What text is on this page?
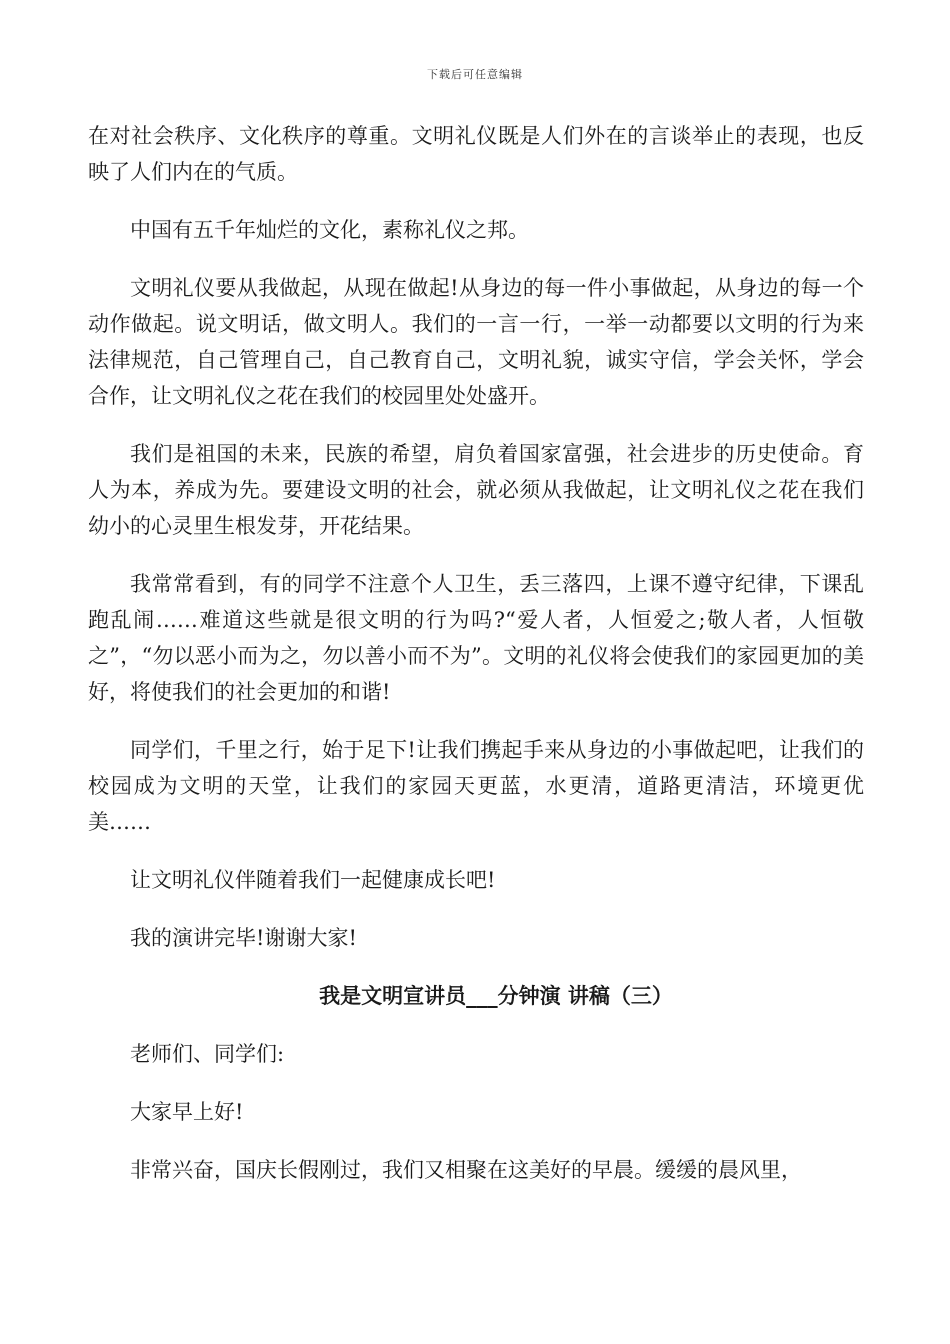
下载后可任意编辑

在对社会秩序、文化秩序的尊重。文明礼仪既是人们外在的言谈举止的表现，也反映了人们内在的气质。

中国有五千年灿烂的文化，素称礼仪之邦。

文明礼仪要从我做起，从现在做起!从身边的每一件小事做起，从身边的每一个动作做起。说文明话，做文明人。我们的一言一行，一举一动都要以文明的行为来法律规范，自己管理自己，自己教育自己，文明礼貌，诚实守信，学会关怀，学会合作，让文明礼仪之花在我们的校园里处处盛开。

我们是祖国的未来，民族的希望，肩负着国家富强，社会进步的历史使命。育人为本，养成为先。要建设文明的社会，就必须从我做起，让文明礼仪之花在我们幼小的心灵里生根发芽，开花结果。

我常常看到，有的同学不注意个人卫生，丢三落四，上课不遵守纪律，下课乱跑乱闹……难道这些就是很文明的行为吗?“爱人者，人恒爱之;敬人者，人恒敬之”，“勿以恶小而为之，勿以善小而不为”。文明的礼仪将会使我们的家园更加的美好，将使我们的社会更加的和谐!

同学们，千里之行，始于足下!让我们携起手来从身边的小事做起吧，让我们的校园成为文明的天堂，让我们的家园天更蓝，水更清，道路更清洁，环境更优美……

让文明礼仪伴随着我们一起健康成长吧!

我的演讲完毕!谢谢大家!

我是文明宣讲员___分钟演 讲稿（三）

老师们、同学们:

大家早上好!

非常兴奋，国庆长假刚过，我们又相聚在这美好的早晨。缓缓的晨风里，
